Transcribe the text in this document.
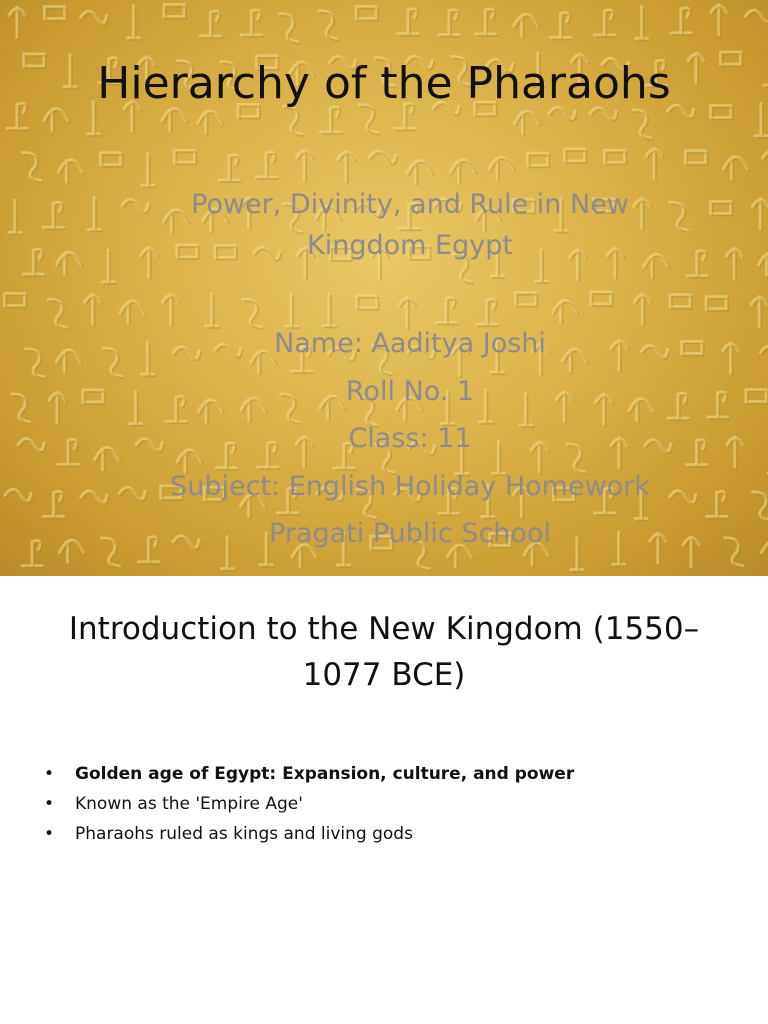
Hierarchy of the Pharaohs
Power, Divinity, and Rule in New Kingdom Egypt
Name: Aaditya Joshi
Roll No. 1
Class: 11
Subject: English Holiday Homework
Pragati Public School
Introduction to the New Kingdom (1550–1077 BCE)
• Golden age of Egypt: Expansion, culture, and power
• Known as the 'Empire Age'
• Pharaohs ruled as kings and living gods
